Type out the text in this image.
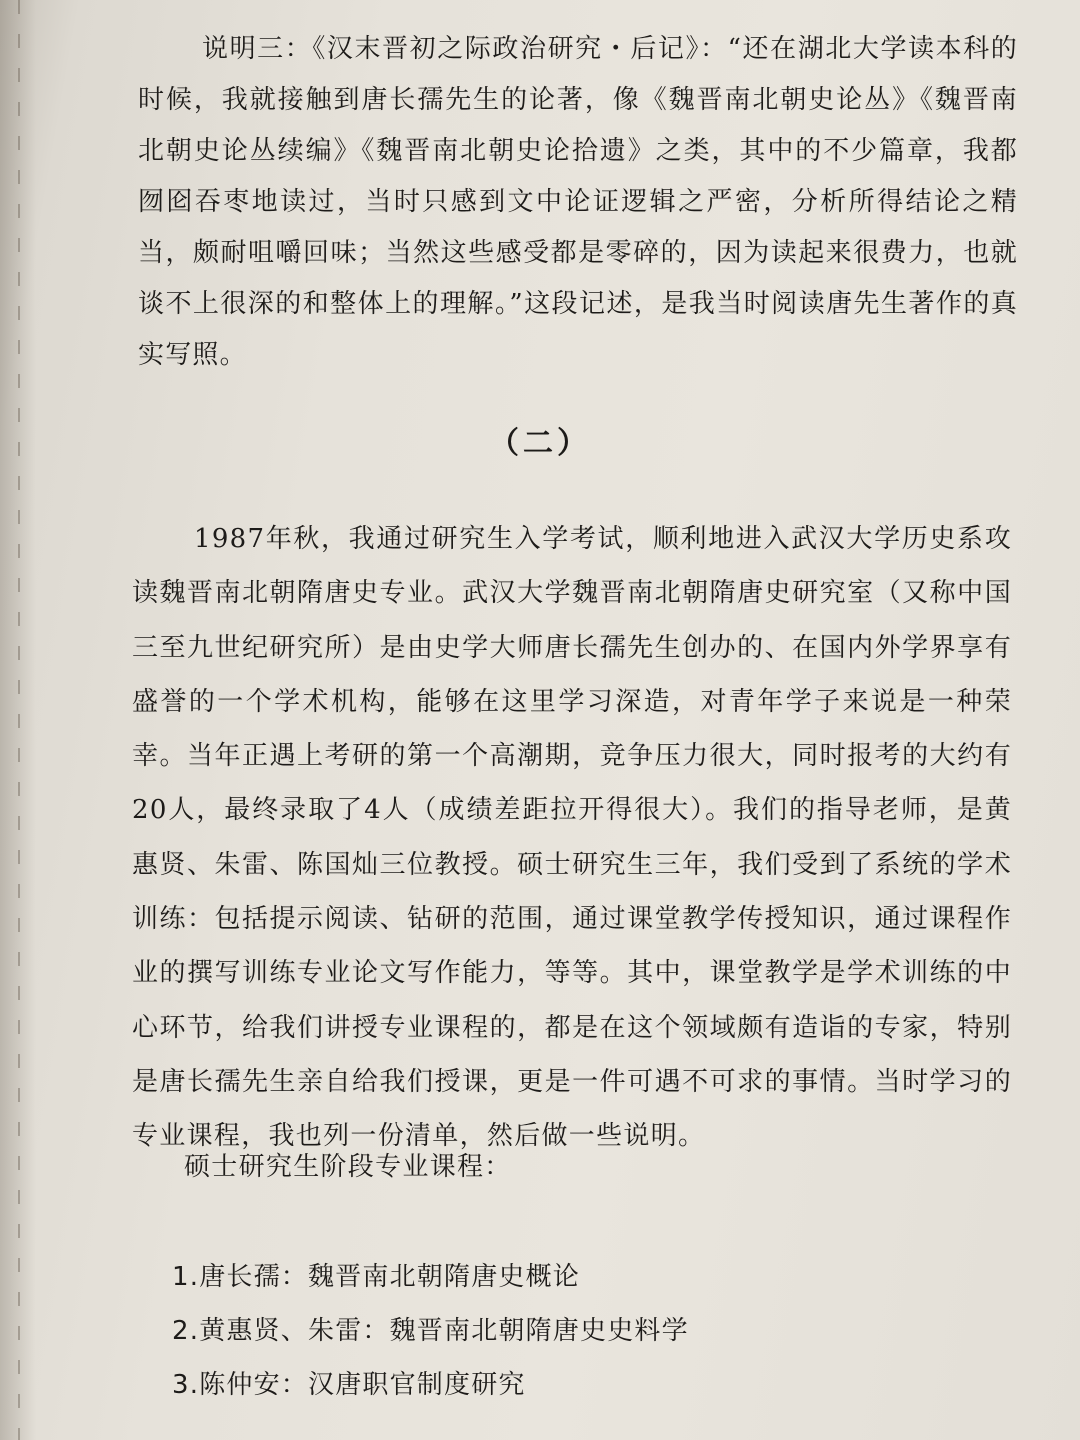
说明三：《汉末晋初之际政治研究・后记》：“还在湖北大学读本科的时候，我就接触到唐长孺先生的论著，像《魏晋南北朝史论丛》《魏晋南北朝史论丛续编》《魏晋南北朝史论拾遗》之类，其中的不少篇章，我都囫囵吞枣地读过，当时只感到文中论证逻辑之严密，分析所得结论之精当，颇耐咀嚼回味；当然这些感受都是零碎的，因为读起来很费力，也就谈不上很深的和整体上的理解。”这段记述，是我当时阅读唐先生著作的真实写照。

（二）

1987年秋，我通过研究生入学考试，顺利地进入武汉大学历史系攻读魏晋南北朝隋唐史专业。武汉大学魏晋南北朝隋唐史研究室（又称中国三至九世纪研究所）是由史学大师唐长孺先生创办的、在国内外学界享有盛誉的一个学术机构，能够在这里学习深造，对青年学子来说是一种荣幸。当年正遇上考研的第一个高潮期，竞争压力很大，同时报考的大约有20人，最终录取了4人（成绩差距拉开得很大）。我们的指导老师，是黄惠贤、朱雷、陈国灿三位教授。硕士研究生三年，我们受到了系统的学术训练：包括提示阅读、钻研的范围，通过课堂教学传授知识，通过课程作业的撰写训练专业论文写作能力，等等。其中，课堂教学是学术训练的中心环节，给我们讲授专业课程的，都是在这个领域颇有造诣的专家，特别是唐长孺先生亲自给我们授课，更是一件可遇不可求的事情。当时学习的专业课程，我也列一份清单，然后做一些说明。

硕士研究生阶段专业课程：

1.唐长孺：魏晋南北朝隋唐史概论
2.黄惠贤、朱雷：魏晋南北朝隋唐史史料学
3.陈仲安：汉唐职官制度研究
